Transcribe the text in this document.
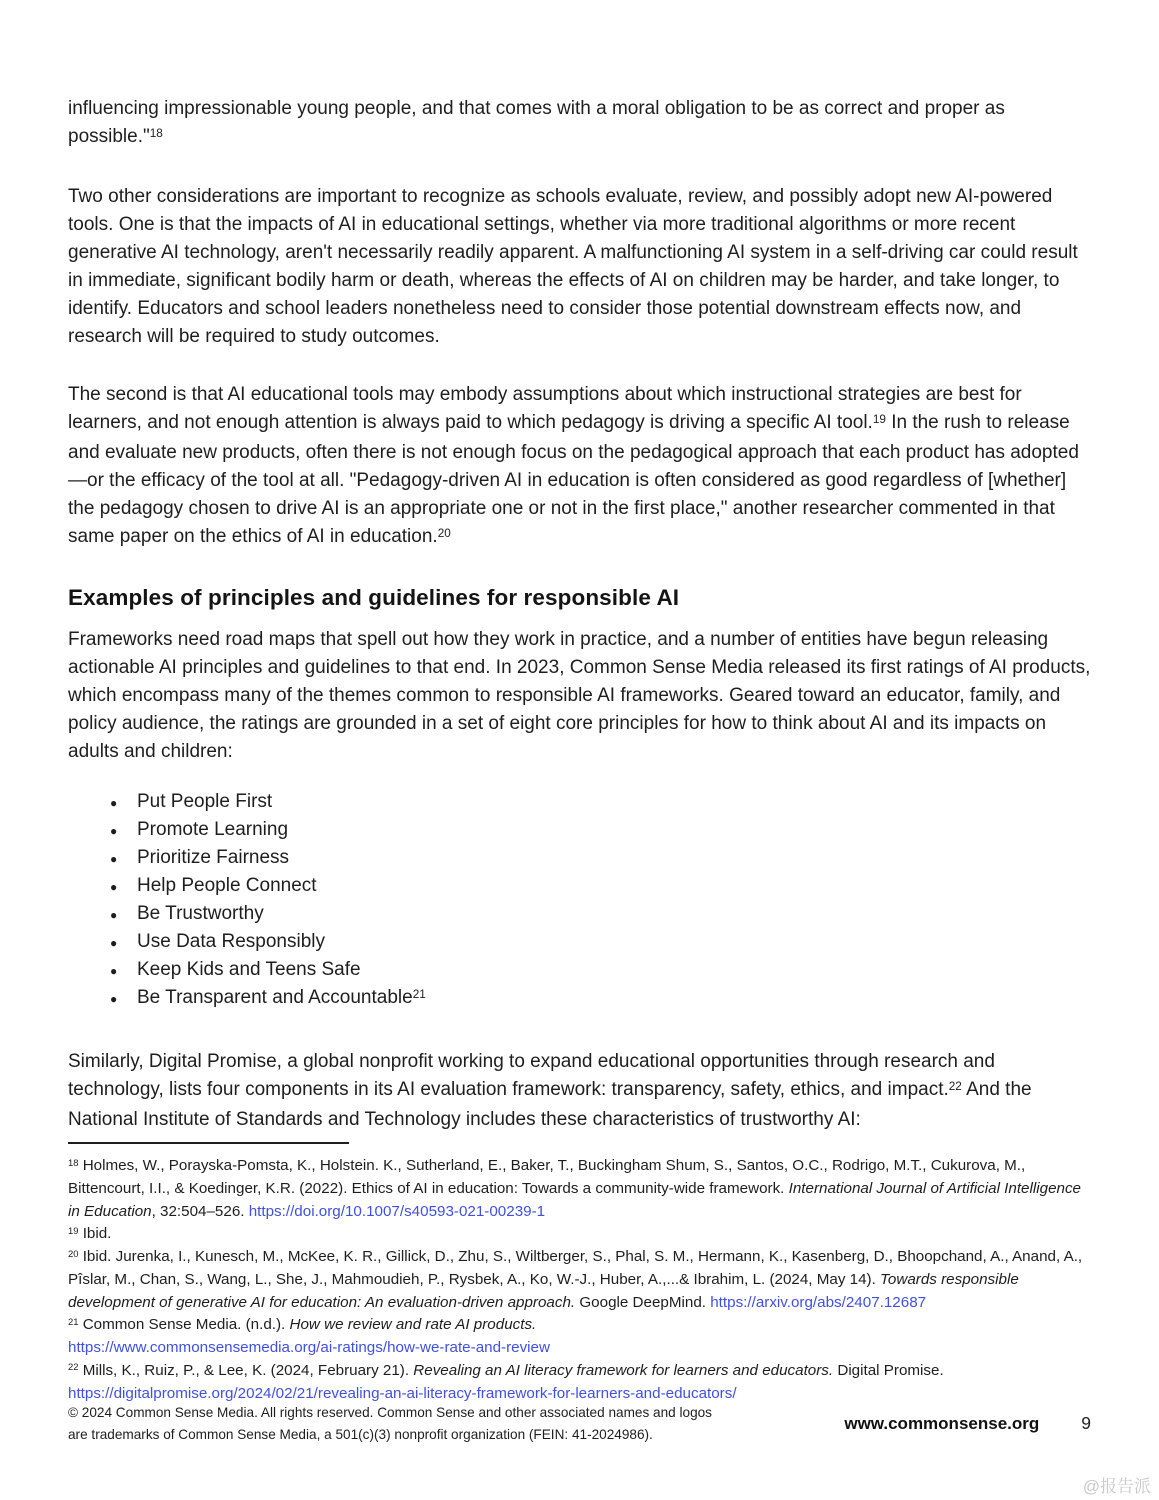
influencing impressionable young people, and that comes with a moral obligation to be as correct and proper as possible."$^{18}$

Two other considerations are important to recognize as schools evaluate, review, and possibly adopt new AI-powered tools. One is that the impacts of AI in educational settings, whether via more traditional algorithms or more recent generative AI technology, aren't necessarily readily apparent. A malfunctioning AI system in a self-driving car could result in immediate, significant bodily harm or death, whereas the effects of AI on children may be harder, and take longer, to identify. Educators and school leaders nonetheless need to consider those potential downstream effects now, and research will be required to study outcomes.

The second is that AI educational tools may embody assumptions about which instructional strategies are best for learners, and not enough attention is always paid to which pedagogy is driving a specific AI tool.$^{19}$ In the rush to release and evaluate new products, often there is not enough focus on the pedagogical approach that each product has adopted—or the efficacy of the tool at all. "Pedagogy-driven AI in education is often considered as good regardless of [whether] the pedagogy chosen to drive AI is an appropriate one or not in the first place," another researcher commented in that same paper on the ethics of AI in education.$^{20}$

Examples of principles and guidelines for responsible AI

Frameworks need road maps that spell out how they work in practice, and a number of entities have begun releasing actionable AI principles and guidelines to that end. In 2023, Common Sense Media released its first ratings of AI products, which encompass many of the themes common to responsible AI frameworks. Geared toward an educator, family, and policy audience, the ratings are grounded in a set of eight core principles for how to think about AI and its impacts on adults and children:

● Put People First
● Promote Learning
● Prioritize Fairness
● Help People Connect
● Be Trustworthy
● Use Data Responsibly
● Keep Kids and Teens Safe
● Be Transparent and Accountable$^{21}$

Similarly, Digital Promise, a global nonprofit working to expand educational opportunities through research and technology, lists four components in its AI evaluation framework: transparency, safety, ethics, and impact.$^{22}$ And the National Institute of Standards and Technology includes these characteristics of trustworthy AI:

$^{18}$ Holmes, W., Porayska-Pomsta, K., Holstein. K., Sutherland, E., Baker, T., Buckingham Shum, S., Santos, O.C., Rodrigo, M.T., Cukurova, M., Bittencourt, I.I., & Koedinger, K.R. (2022). Ethics of AI in education: Towards a community-wide framework. International Journal of Artificial Intelligence in Education, 32:504–526. https://doi.org/10.1007/s40593-021-00239-1

$^{19}$ Ibid.

$^{20}$ Ibid. Jurenka, I., Kunesch, M., McKee, K. R., Gillick, D., Zhu, S., Wiltberger, S., Phal, S. M., Hermann, K., Kasenberg, D., Bhoopchand, A., Anand, A., Pîslar, M., Chan, S., Wang, L., She, J., Mahmoudieh, P., Rysbek, A., Ko, W.-J., Huber, A.,...& Ibrahim, L. (2024, May 14). Towards responsible development of generative AI for education: An evaluation-driven approach. Google DeepMind. https://arxiv.org/abs/2407.12687

$^{21}$ Common Sense Media. (n.d.). How we review and rate AI products.
https://www.commonsensemedia.org/ai-ratings/how-we-rate-and-review

$^{22}$ Mills, K., Ruiz, P., & Lee, K. (2024, February 21). Revealing an AI literacy framework for learners and educators. Digital Promise.
https://digitalpromise.org/2024/02/21/revealing-an-ai-literacy-framework-for-learners-and-educators/

© 2024 Common Sense Media. All rights reserved. Common Sense and other associated names and logos
are trademarks of Common Sense Media, a 501(c)(3) nonprofit organization (FEIN: 41-2024986).
www.commonsense.org 9
@报告派
